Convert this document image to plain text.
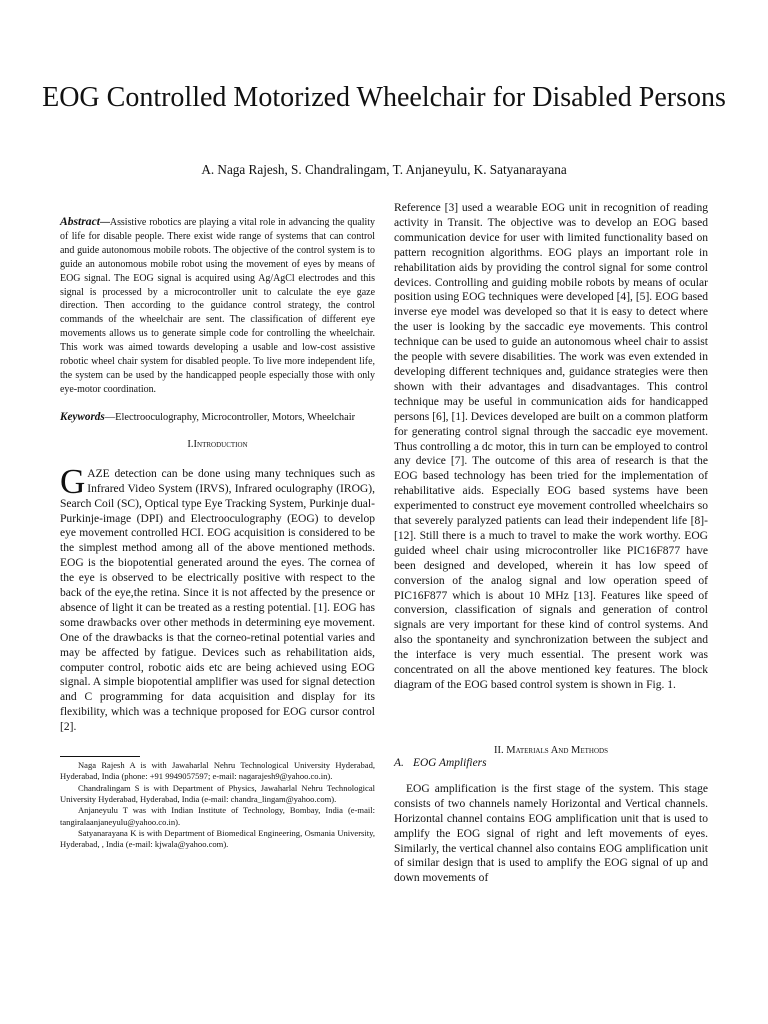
EOG Controlled Motorized Wheelchair for Disabled Persons
A. Naga Rajesh, S. Chandralingam, T. Anjaneyulu, K. Satyanarayana

Abstract—Assistive robotics are playing a vital role in advancing the quality of life for disable people. There exist wide range of systems that can control and guide autonomous mobile robots. The objective of the control system is to guide an autonomous mobile robot using the movement of eyes by means of EOG signal. The EOG signal is acquired using Ag/AgCl electrodes and this signal is processed by a microcontroller unit to calculate the eye gaze direction. Then according to the guidance control strategy, the control commands of the wheelchair are sent. The classification of different eye movements allows us to generate simple code for controlling the wheelchair. This work was aimed towards developing a usable and low-cost assistive robotic wheel chair system for disabled people. To live more independent life, the system can be used by the handicapped people especially those with only eye-motor coordination.

Keywords—Electrooculography, Microcontroller, Motors, Wheelchair

I.Introduction

GAZE detection can be done using many techniques such as Infrared Video System (IRVS), Infrared oculography (IROG), Search Coil (SC), Optical type Eye Tracking System, Purkinje dual-Purkinje-image (DPI) and Electrooculography (EOG) to develop eye movement controlled HCI. EOG acquisition is considered to be the simplest method among all of the above mentioned methods. EOG is the biopotential generated around the eyes. The cornea of the eye is observed to be electrically positive with respect to the back of the eye,the retina. Since it is not affected by the presence or absence of light it can be treated as a resting potential. [1]. EOG has some drawbacks over other methods in determining eye movement. One of the drawbacks is that the corneo-retinal potential varies and may be affected by fatigue. Devices such as rehabilitation aids, computer control, robotic aids etc are being achieved using EOG signal. A simple biopotential amplifier was used for signal detection and C programming for data acquisition and display for its flexibility, which was a technique proposed for EOG cursor control [2].

Naga Rajesh A is with Jawaharlal Nehru Technological University Hyderabad, Hyderabad, India (phone: +91 9949057597; e-mail: nagarajesh9@yahoo.co.in).

Chandralingam S is with Department of Physics, Jawaharlal Nehru Technological University Hyderabad, Hyderabad, India (e-mail: chandra_lingam@yahoo.com).

Anjaneyulu T was with Indian Institute of Technology, Bombay, India (e-mail: tangiralaanjaneyulu@yahoo.co.in).

Satyanarayana K is with Department of Biomedical Engineering, Osmania University, Hyderabad, , India (e-mail: kjwala@yahoo.com).

Reference [3] used a wearable EOG unit in recognition of reading activity in Transit. The objective was to develop an EOG based communication device for user with limited functionality based on pattern recognition algorithms. EOG plays an important role in rehabilitation aids by providing the control signal for some control devices. Controlling and guiding mobile robots by means of ocular position using EOG techniques were developed [4], [5]. EOG based inverse eye model was developed so that it is easy to detect where the user is looking by the saccadic eye movements. This control technique can be used to guide an autonomous wheel chair to assist the people with severe disabilities. The work was even extended in developing different techniques and, guidance strategies were then shown with their advantages and disadvantages. This control technique may be useful in communication aids for handicapped persons [6], [1]. Devices developed are built on a common platform for generating control signal through the saccadic eye movement. Thus controlling a dc motor, this in turn can be employed to control any device [7]. The outcome of this area of research is that the EOG based technology has been tried for the implementation of rehabilitative aids. Especially EOG based systems have been experimented to construct eye movement controlled wheelchairs so that severely paralyzed patients can lead their independent life [8]-[12]. Still there is a much to travel to make the work worthy. EOG guided wheel chair using microcontroller like PIC16F877 have been designed and developed, wherein it has low speed of conversion of the analog signal and low operation speed of PIC16F877 which is about 10 MHz [13]. Features like speed of conversion, classification of signals and generation of control signals are very important for these kind of control systems. And also the spontaneity and synchronization between the subject and the interface is very much essential. The present work was concentrated on all the above mentioned key features. The block diagram of the EOG based control system is shown in Fig. 1.

II. Materials And Methods
A. EOG Amplifiers

EOG amplification is the first stage of the system. This stage consists of two channels namely Horizontal and Vertical channels. Horizontal channel contains EOG amplification unit that is used to amplify the EOG signal of right and left movements of eyes. Similarly, the vertical channel also contains EOG amplification unit of similar design that is used to amplify the EOG signal of up and down movements of
